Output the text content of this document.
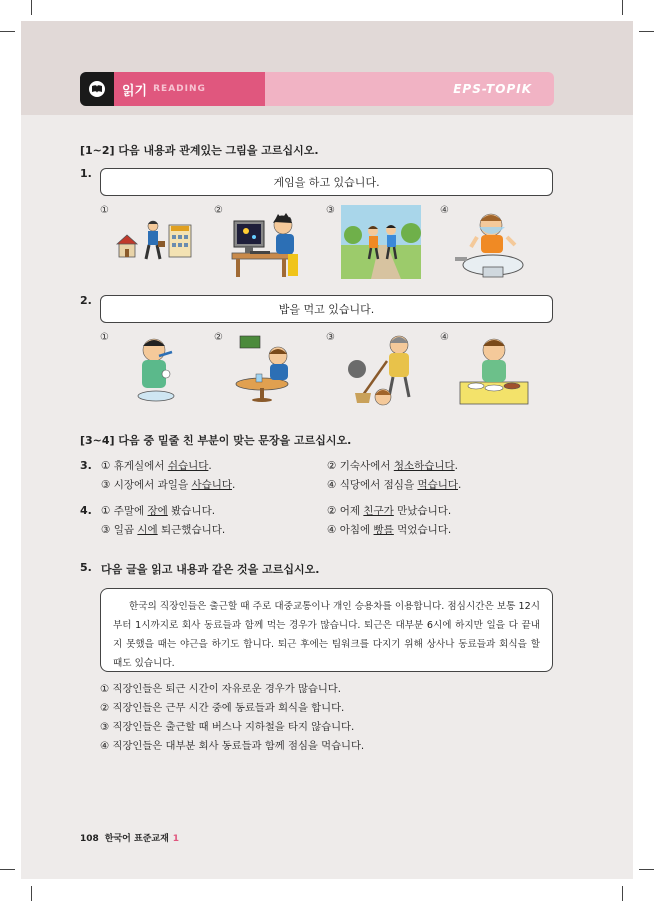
읽기 READING	EPS-TOPIK
[1~2] 다음 내용과 관계있는 그림을 고르십시오.
1.
게임을 하고 있습니다.
①	②	③	④
2.
밥을 먹고 있습니다.
①	②	③	④
[3~4] 다음 중 밑줄 친 부분이 맞는 문장을 고르십시오.
3. ① 휴게실에서 쉬습니다.	② 기숙사에서 청소하습니다.
③ 시장에서 과일을 사습니다.	④ 식당에서 점심을 먹습니다.
4. ① 주말에 장에 봤습니다.	② 어제 친구가 만났습니다.
③ 일곱 시에 퇴근했습니다.	④ 아침에 빵를 먹었습니다.
5. 다음 글을 읽고 내용과 같은 것을 고르십시오.
한국의 직장인들은 출근할 때 주로 대중교통이나 개인 승용차를 이용합니다. 점심시간은 보통 12시부터 1시까지로 회사 동료들과 함께 먹는 경우가 많습니다. 퇴근은 대부분 6시에 하지만 일을 다 끝내지 못했을 때는 야근을 하기도 합니다. 퇴근 후에는 팀워크를 다지기 위해 상사나 동료들과 회식을 할 때도 있습니다.
① 직장인들은 퇴근 시간이 자유로운 경우가 많습니다.
② 직장인들은 근무 시간 중에 동료들과 회식을 합니다.
③ 직장인들은 출근할 때 버스나 지하철을 타지 않습니다.
④ 직장인들은 대부분 회사 동료들과 함께 점심을 먹습니다.
108 한국어 표준교재 1
